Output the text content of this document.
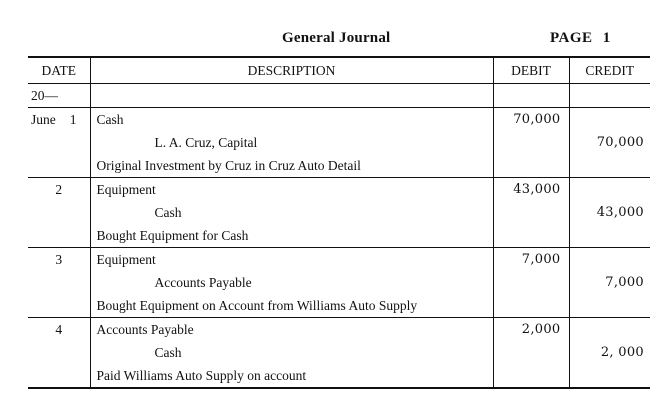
General Journal	PAGE 1
DATE	DESCRIPTION	DEBIT	CREDIT
20—			
June 1	Cash	70,000	
	L. A. Cruz, Capital		70,000
	Original Investment by Cruz in Cruz Auto Detail		
2	Equipment	43,000	
	Cash		43,000
	Bought Equipment for Cash		
3	Equipment	7,000	
	Accounts Payable		7,000
	Bought Equipment on Account from Williams Auto Supply		
4	Accounts Payable	2,000	
	Cash		2, 000
	Paid Williams Auto Supply on account		
